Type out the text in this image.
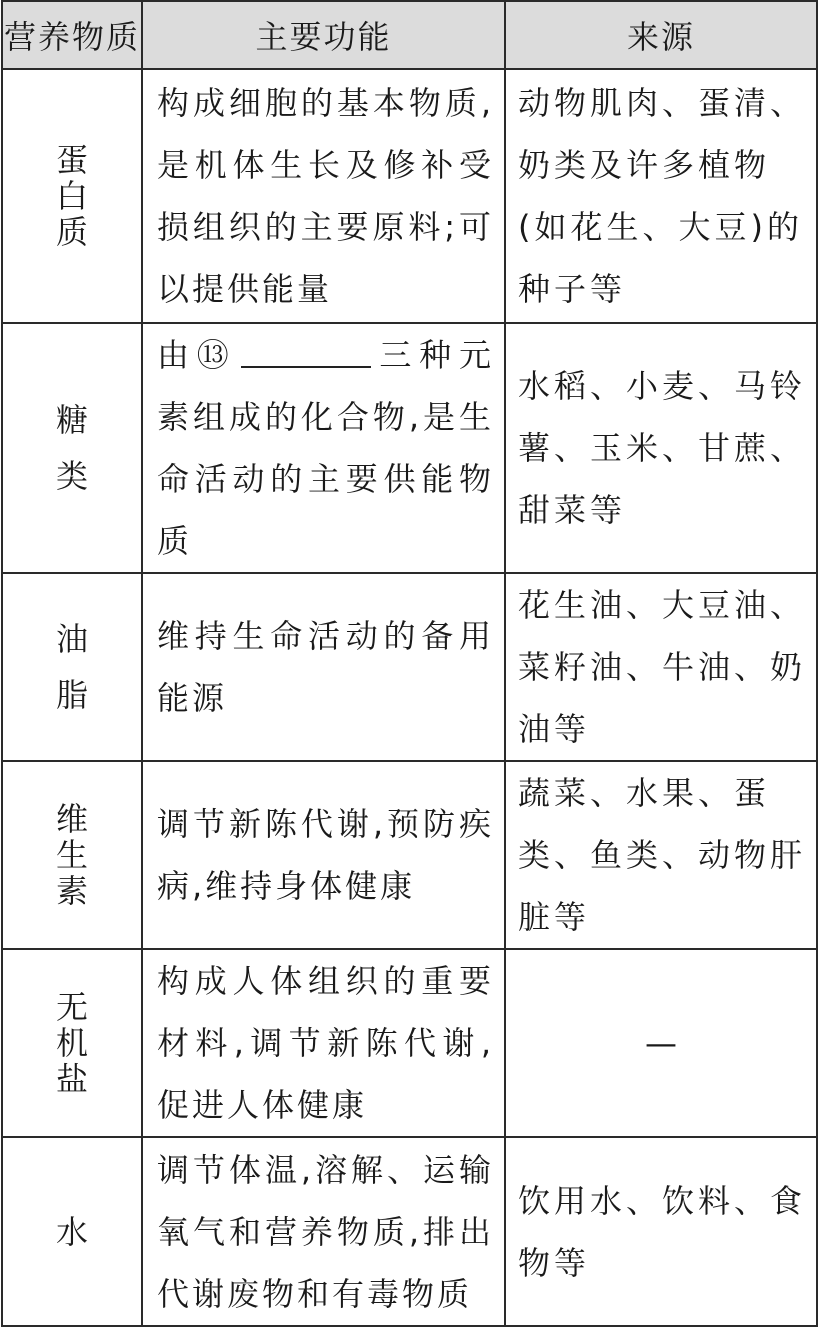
营养物质	主要功能	来源

蛋白质	构成细胞的基本物质,是机体生长及修补受损组织的主要原料;可以提供能量	动物肌肉、蛋清、奶类及许多植物(如花生、大豆)的种子等

糖类	由⑬ 三种元素组成的化合物,是生命活动的主要供能物质	水稻、小麦、马铃薯、玉米、甘蔗、甜菜等

油脂	维持生命活动的备用能源	花生油、大豆油、菜籽油、牛油、奶油等

维生素	调节新陈代谢,预防疾病,维持身体健康	蔬菜、水果、蛋类、鱼类、动物肝脏等

无机盐	构成人体组织的重要材料,调节新陈代谢,促进人体健康	—

水	调节体温,溶解、运输氧气和营养物质,排出代谢废物和有毒物质	饮用水、饮料、食物等
